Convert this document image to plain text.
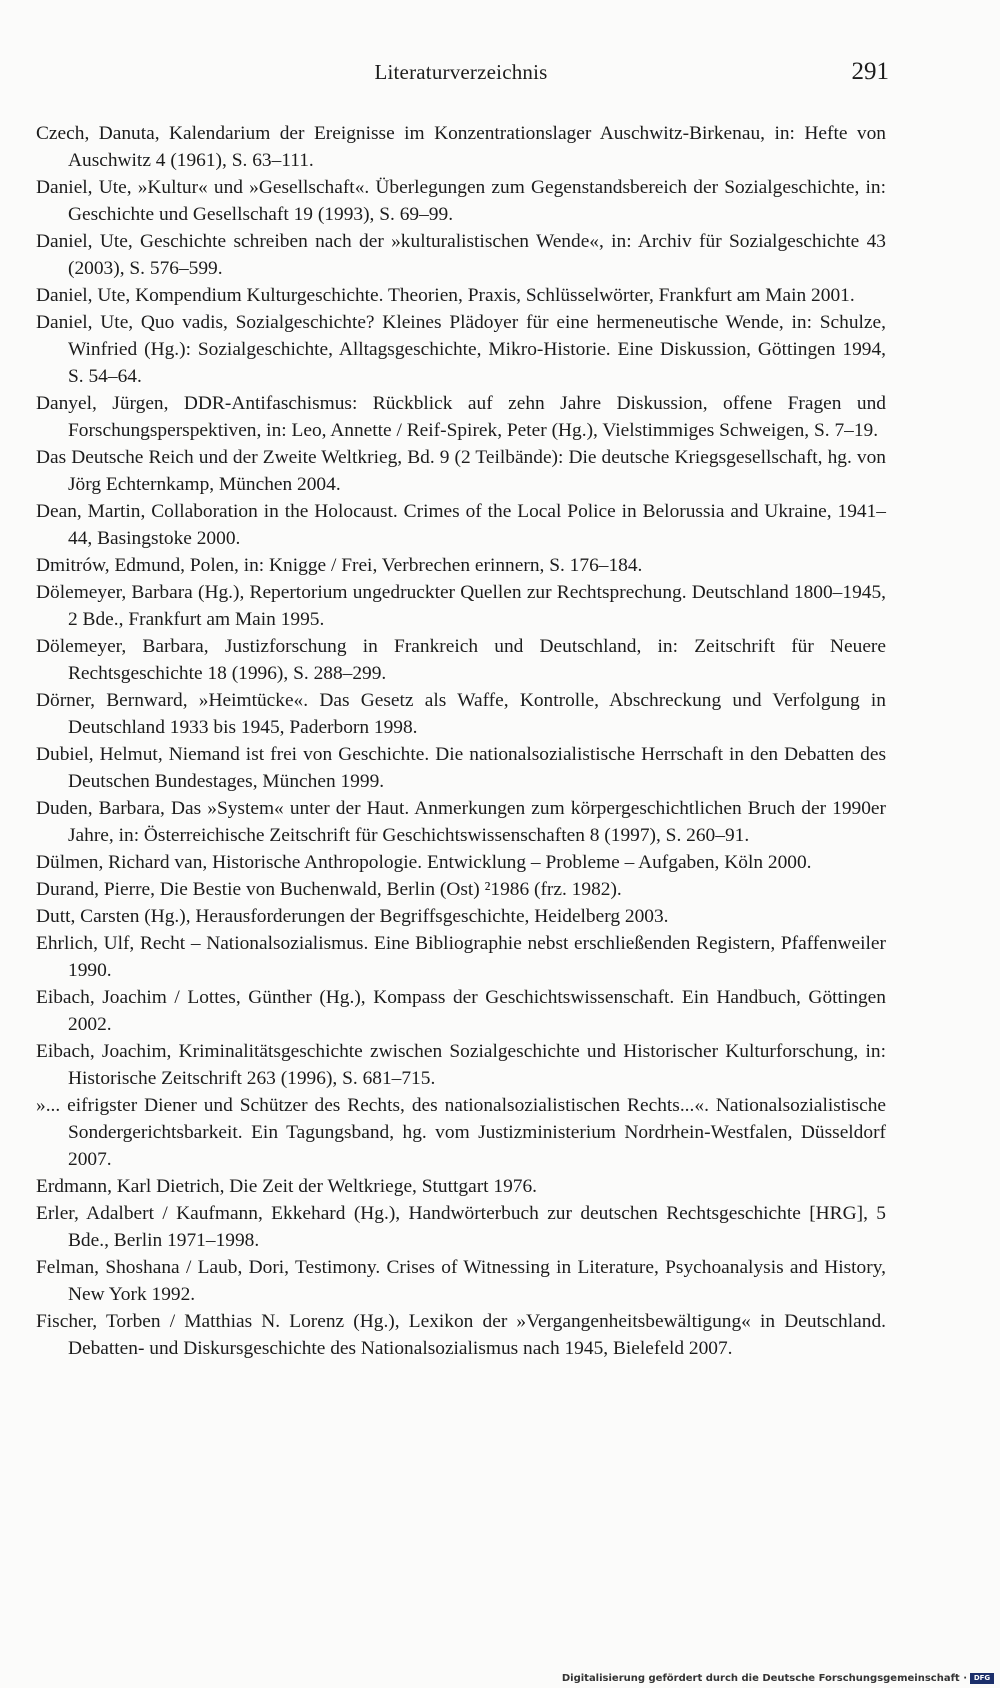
Literaturverzeichnis	291
Czech, Danuta, Kalendarium der Ereignisse im Konzentrationslager Auschwitz-Birkenau, in: Hefte von Auschwitz 4 (1961), S. 63–111.
Daniel, Ute, »Kultur« und »Gesellschaft«. Überlegungen zum Gegenstandsbereich der Sozialgeschichte, in: Geschichte und Gesellschaft 19 (1993), S. 69–99.
Daniel, Ute, Geschichte schreiben nach der »kulturalistischen Wende«, in: Archiv für Sozialgeschichte 43 (2003), S. 576–599.
Daniel, Ute, Kompendium Kulturgeschichte. Theorien, Praxis, Schlüsselwörter, Frankfurt am Main 2001.
Daniel, Ute, Quo vadis, Sozialgeschichte? Kleines Plädoyer für eine hermeneutische Wende, in: Schulze, Winfried (Hg.): Sozialgeschichte, Alltagsgeschichte, Mikro-Historie. Eine Diskussion, Göttingen 1994, S. 54–64.
Danyel, Jürgen, DDR-Antifaschismus: Rückblick auf zehn Jahre Diskussion, offene Fragen und Forschungsperspektiven, in: Leo, Annette / Reif-Spirek, Peter (Hg.), Vielstimmiges Schweigen, S. 7–19.
Das Deutsche Reich und der Zweite Weltkrieg, Bd. 9 (2 Teilbände): Die deutsche Kriegsgesellschaft, hg. von Jörg Echternkamp, München 2004.
Dean, Martin, Collaboration in the Holocaust. Crimes of the Local Police in Belorussia and Ukraine, 1941–44, Basingstoke 2000.
Dmitrów, Edmund, Polen, in: Knigge / Frei, Verbrechen erinnern, S. 176–184.
Dölemeyer, Barbara (Hg.), Repertorium ungedruckter Quellen zur Rechtsprechung. Deutschland 1800–1945, 2 Bde., Frankfurt am Main 1995.
Dölemeyer, Barbara, Justizforschung in Frankreich und Deutschland, in: Zeitschrift für Neuere Rechtsgeschichte 18 (1996), S. 288–299.
Dörner, Bernward, »Heimtücke«. Das Gesetz als Waffe, Kontrolle, Abschreckung und Verfolgung in Deutschland 1933 bis 1945, Paderborn 1998.
Dubiel, Helmut, Niemand ist frei von Geschichte. Die nationalsozialistische Herrschaft in den Debatten des Deutschen Bundestages, München 1999.
Duden, Barbara, Das »System« unter der Haut. Anmerkungen zum körpergeschichtlichen Bruch der 1990er Jahre, in: Österreichische Zeitschrift für Geschichtswissenschaften 8 (1997), S. 260–91.
Dülmen, Richard van, Historische Anthropologie. Entwicklung – Probleme – Aufgaben, Köln 2000.
Durand, Pierre, Die Bestie von Buchenwald, Berlin (Ost) ²1986 (frz. 1982).
Dutt, Carsten (Hg.), Herausforderungen der Begriffsgeschichte, Heidelberg 2003.
Ehrlich, Ulf, Recht – Nationalsozialismus. Eine Bibliographie nebst erschließenden Registern, Pfaffenweiler 1990.
Eibach, Joachim / Lottes, Günther (Hg.), Kompass der Geschichtswissenschaft. Ein Handbuch, Göttingen 2002.
Eibach, Joachim, Kriminalitätsgeschichte zwischen Sozialgeschichte und Historischer Kulturforschung, in: Historische Zeitschrift 263 (1996), S. 681–715.
»... eifrigster Diener und Schützer des Rechts, des nationalsozialistischen Rechts...«. Nationalsozialistische Sondergerichtsbarkeit. Ein Tagungsband, hg. vom Justizministerium Nordrhein-Westfalen, Düsseldorf 2007.
Erdmann, Karl Dietrich, Die Zeit der Weltkriege, Stuttgart 1976.
Erler, Adalbert / Kaufmann, Ekkehard (Hg.), Handwörterbuch zur deutschen Rechtsgeschichte [HRG], 5 Bde., Berlin 1971–1998.
Felman, Shoshana / Laub, Dori, Testimony. Crises of Witnessing in Literature, Psychoanalysis and History, New York 1992.
Fischer, Torben / Matthias N. Lorenz (Hg.), Lexikon der »Vergangenheitsbewältigung« in Deutschland. Debatten- und Diskursgeschichte des Nationalsozialismus nach 1945, Bielefeld 2007.
Digitalisierung gefördert durch die Deutsche Forschungsgemeinschaft · DFG
